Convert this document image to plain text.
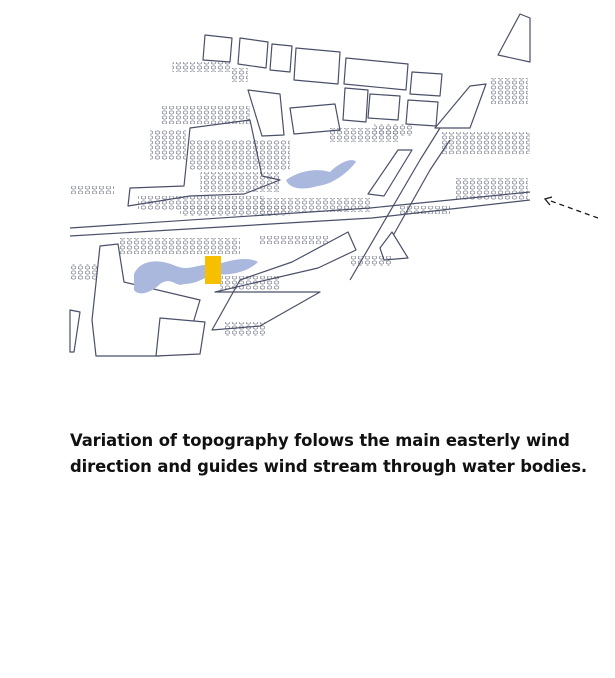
Variation of topography folows the main easterly wind direction and guides wind stream through water bodies.
